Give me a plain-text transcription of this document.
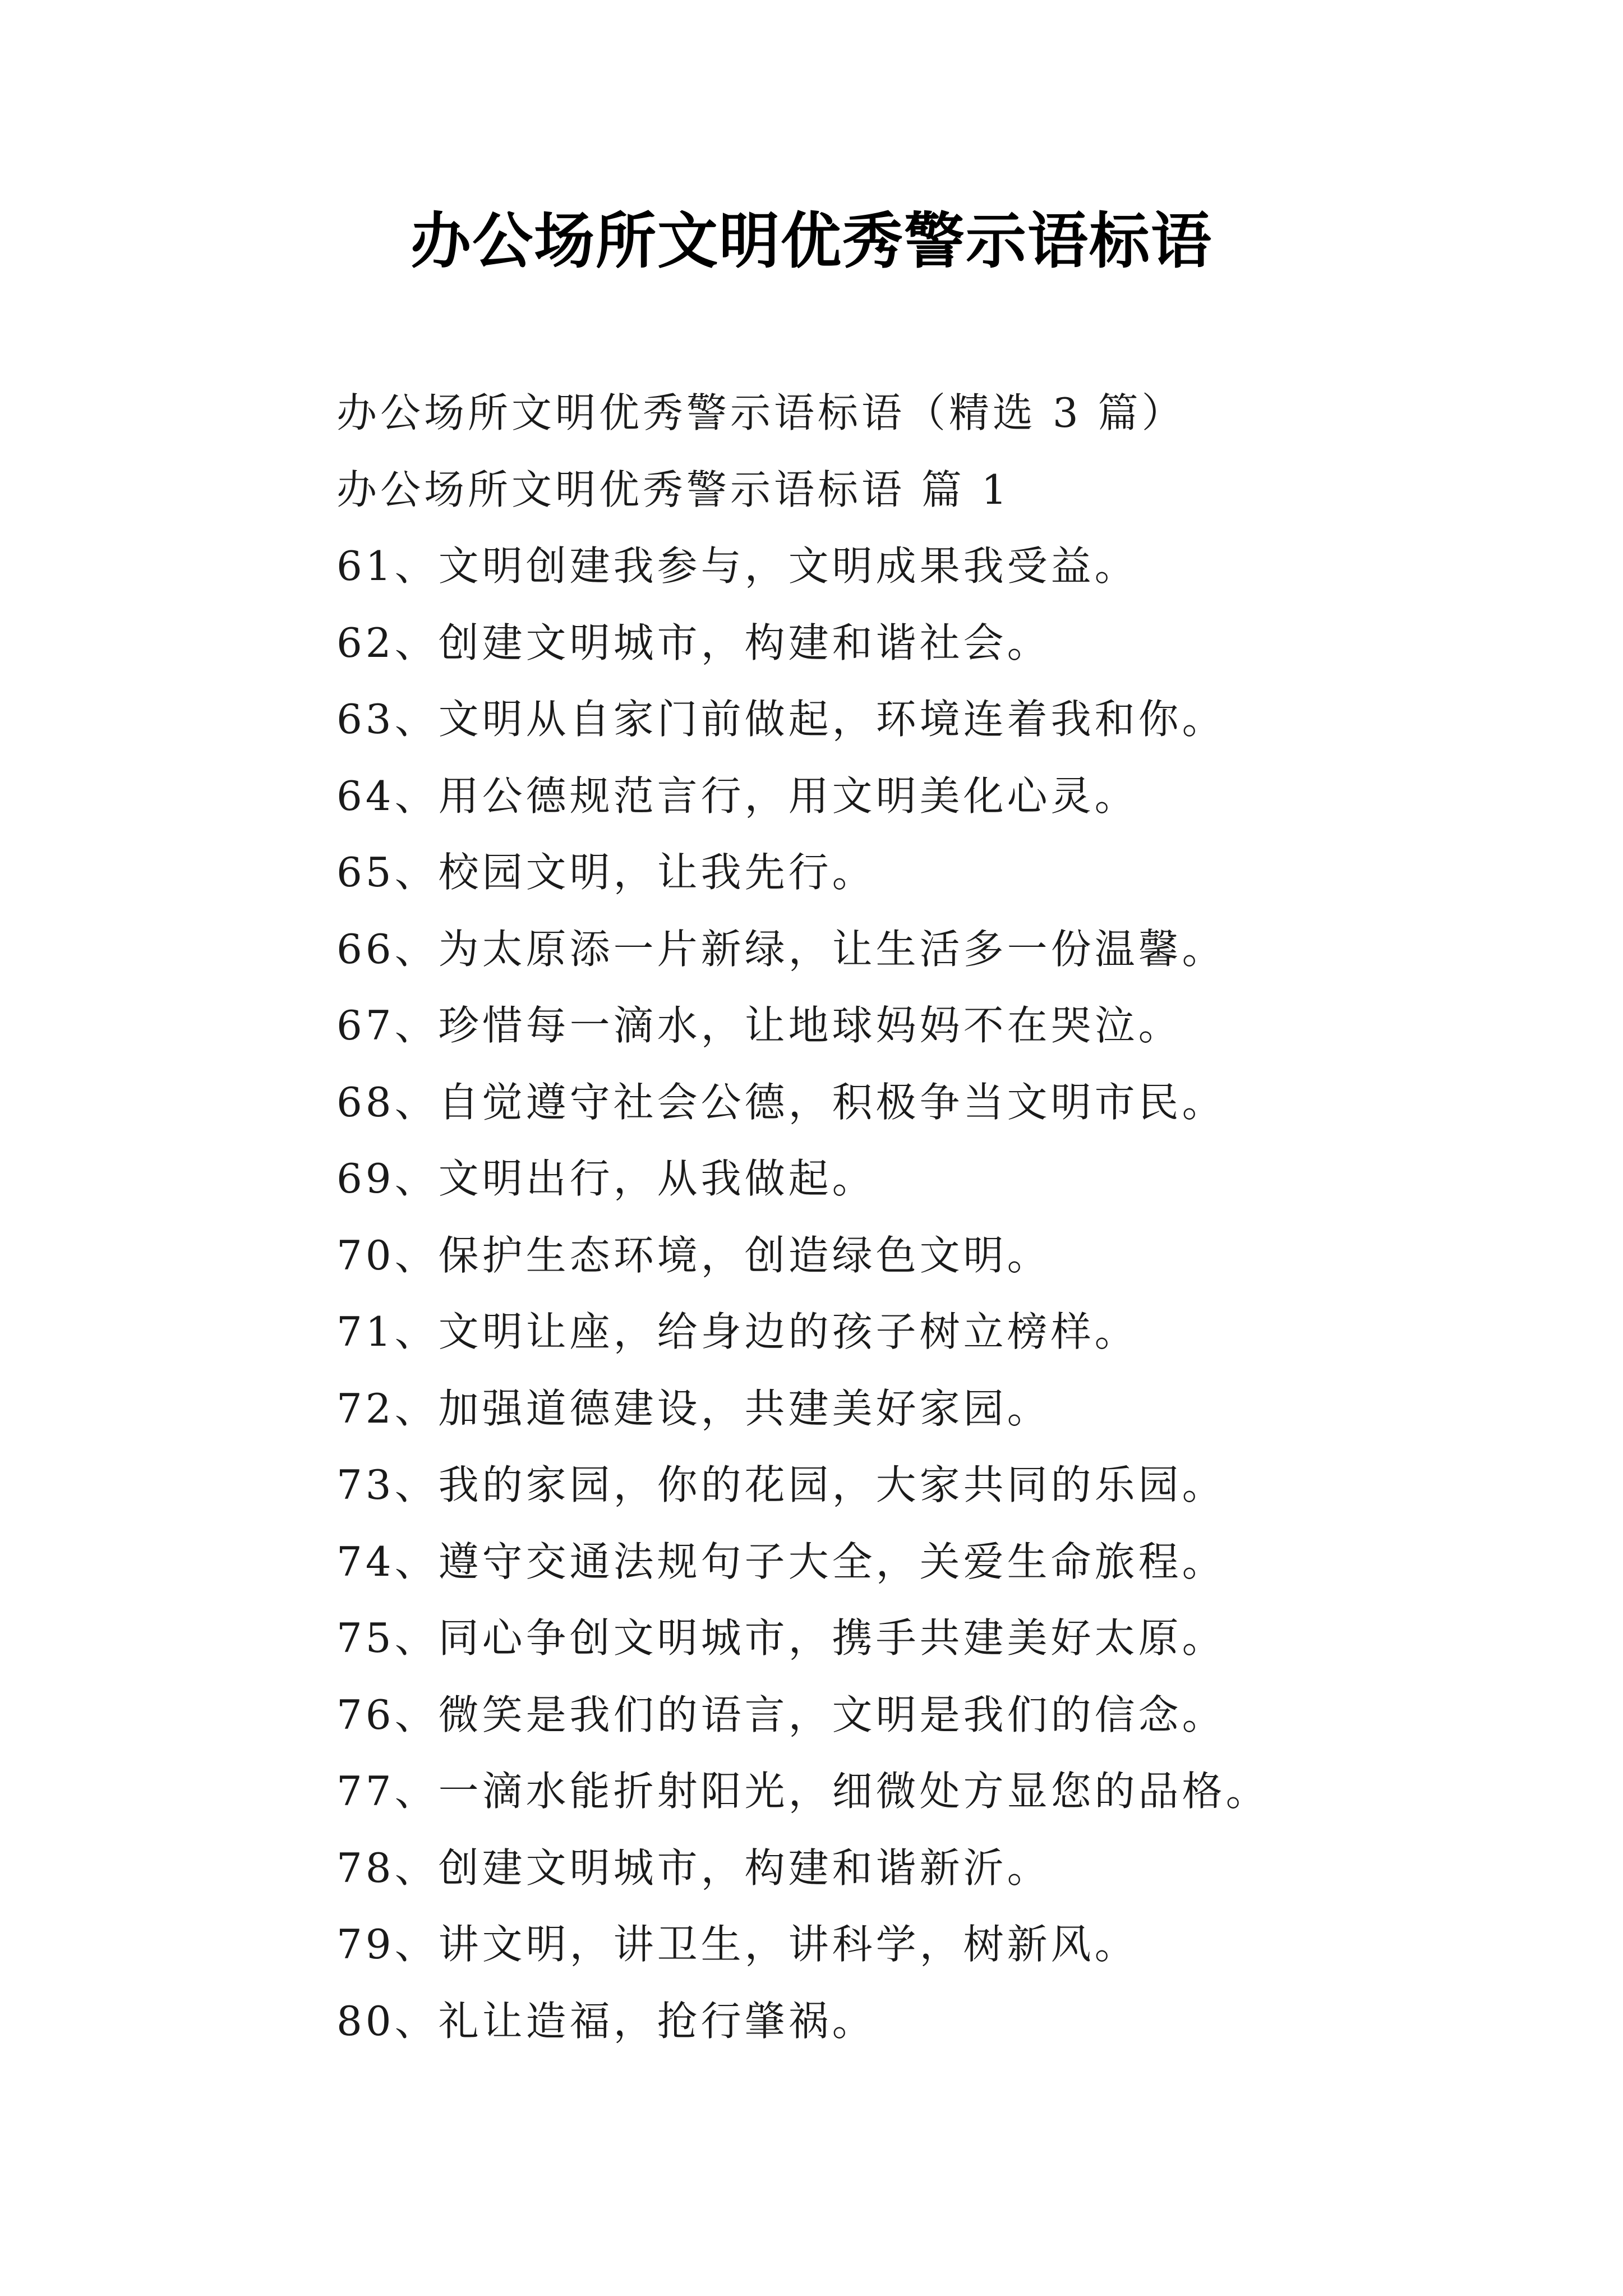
办公场所文明优秀警示语标语
办公场所文明优秀警示语标语（精选 3 篇）
办公场所文明优秀警示语标语 篇 1
61、文明创建我参与，文明成果我受益。
62、创建文明城市，构建和谐社会。
63、文明从自家门前做起，环境连着我和你。
64、用公德规范言行，用文明美化心灵。
65、校园文明，让我先行。
66、为太原添一片新绿，让生活多一份温馨。
67、珍惜每一滴水，让地球妈妈不在哭泣。
68、自觉遵守社会公德，积极争当文明市民。
69、文明出行，从我做起。
70、保护生态环境，创造绿色文明。
71、文明让座，给身边的孩子树立榜样。
72、加强道德建设，共建美好家园。
73、我的家园，你的花园，大家共同的乐园。
74、遵守交通法规句子大全，关爱生命旅程。
75、同心争创文明城市，携手共建美好太原。
76、微笑是我们的语言，文明是我们的信念。
77、一滴水能折射阳光，细微处方显您的品格。
78、创建文明城市，构建和谐新沂。
79、讲文明，讲卫生，讲科学，树新风。
80、礼让造福，抢行肇祸。
